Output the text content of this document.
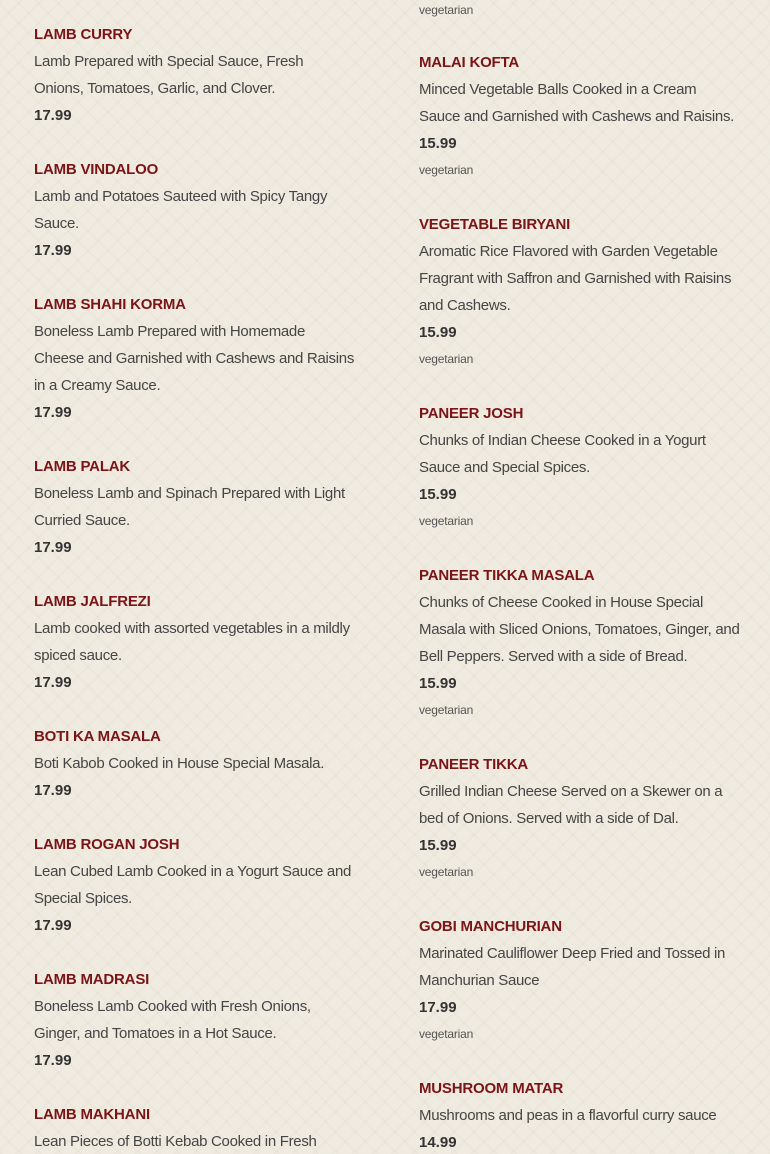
LAMB CURRY
Lamb Prepared with Special Sauce, Fresh Onions, Tomatoes, Garlic, and Clover.
17.99
LAMB VINDALOO
Lamb and Potatoes Sauteed with Spicy Tangy Sauce.
17.99
LAMB SHAHI KORMA
Boneless Lamb Prepared with Homemade Cheese and Garnished with Cashews and Raisins in a Creamy Sauce.
17.99
LAMB PALAK
Boneless Lamb and Spinach Prepared with Light Curried Sauce.
17.99
LAMB JALFREZI
Lamb cooked with assorted vegetables in a mildly spiced sauce.
17.99
BOTI KA MASALA
Boti Kabob Cooked in House Special Masala.
17.99
LAMB ROGAN JOSH
Lean Cubed Lamb Cooked in a Yogurt Sauce and Special Spices.
17.99
LAMB MADRASI
Boneless Lamb Cooked with Fresh Onions, Ginger, and Tomatoes in a Hot Sauce.
17.99
LAMB MAKHANI
Lean Pieces of Botti Kebab Cooked in Fresh
vegetarian
MALAI KOFTA
Minced Vegetable Balls Cooked in a Cream Sauce and Garnished with Cashews and Raisins.
15.99
vegetarian
VEGETABLE BIRYANI
Aromatic Rice Flavored with Garden Vegetable Fragrant with Saffron and Garnished with Raisins and Cashews.
15.99
vegetarian
PANEER JOSH
Chunks of Indian Cheese Cooked in a Yogurt Sauce and Special Spices.
15.99
vegetarian
PANEER TIKKA MASALA
Chunks of Cheese Cooked in House Special Masala with Sliced Onions, Tomatoes, Ginger, and Bell Peppers. Served with a side of Bread.
15.99
vegetarian
PANEER TIKKA
Grilled Indian Cheese Served on a Skewer on a bed of Onions. Served with a side of Dal.
15.99
vegetarian
GOBI MANCHURIAN
Marinated Cauliflower Deep Fried and Tossed in Manchurian Sauce
17.99
vegetarian
MUSHROOM MATAR
Mushrooms and peas in a flavorful curry sauce
14.99
